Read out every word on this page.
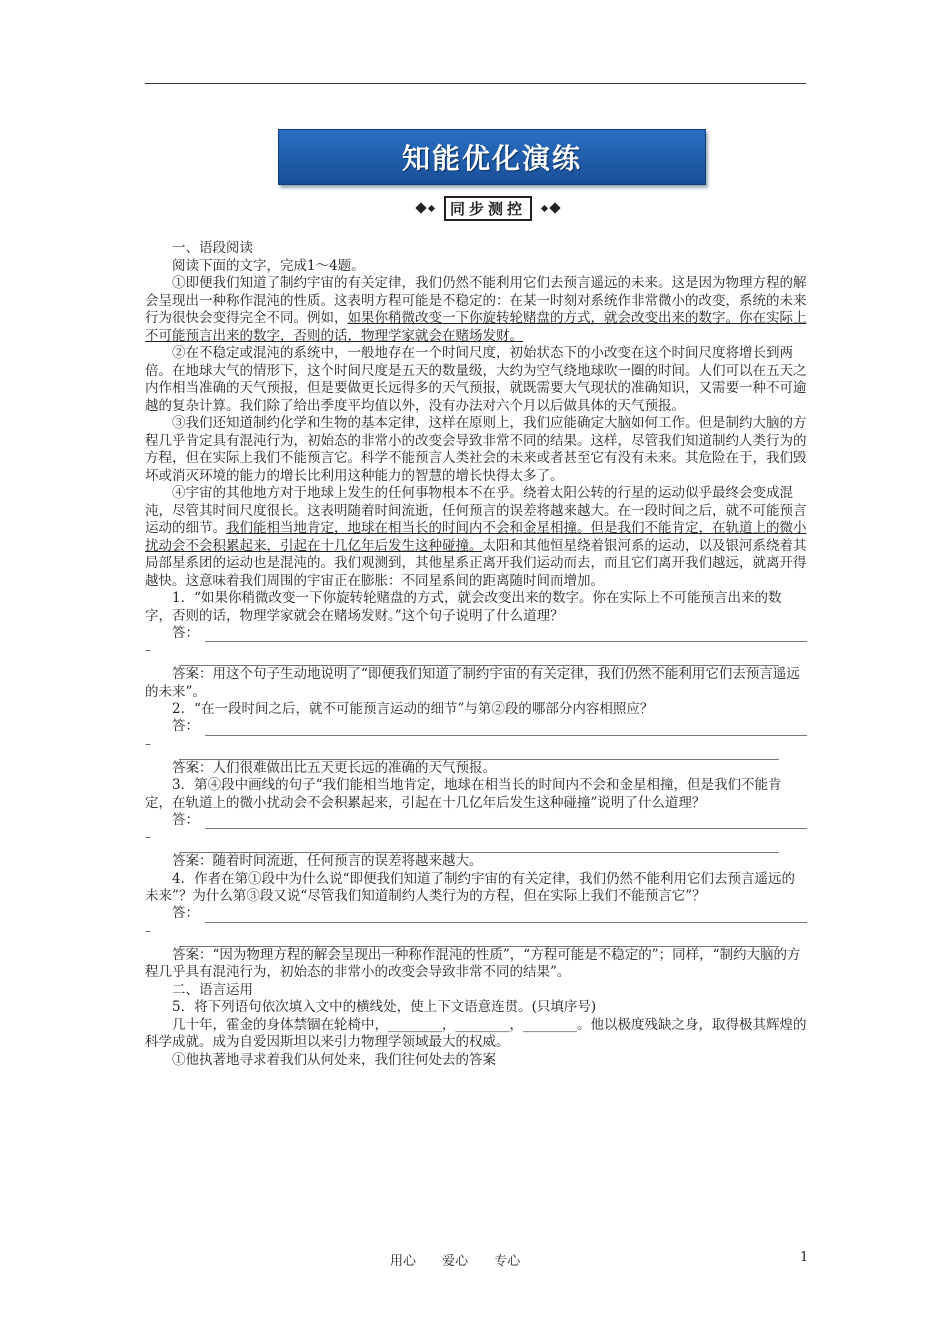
知能优化演练
同步测控

一、语段阅读

阅读下面的文字，完成1～4题。

①即便我们知道了制约宇宙的有关定律，我们仍然不能利用它们去预言遥远的未来。这是因为物理方程的解会呈现出一种称作混沌的性质。这表明方程可能是不稳定的：在某一时刻对系统作非常微小的改变，系统的未来行为很快会变得完全不同。例如，如果你稍微改变一下你旋转轮赌盘的方式，就会改变出来的数字。你在实际上不可能预言出来的数字，否则的话，物理学家就会在赌场发财。

②在不稳定或混沌的系统中，一般地存在一个时间尺度，初始状态下的小改变在这个时间尺度将增长到两倍。在地球大气的情形下，这个时间尺度是五天的数量级，大约为空气绕地球吹一圈的时间。人们可以在五天之内作相当准确的天气预报，但是要做更长远得多的天气预报，就既需要大气现状的准确知识，又需要一种不可逾越的复杂计算。我们除了给出季度平均值以外，没有办法对六个月以后做具体的天气预报。

③我们还知道制约化学和生物的基本定律，这样在原则上，我们应能确定大脑如何工作。但是制约大脑的方程几乎肯定具有混沌行为，初始态的非常小的改变会导致非常不同的结果。这样，尽管我们知道制约人类行为的方程，但在实际上我们不能预言它。科学不能预言人类社会的未来或者甚至它有没有未来。其危险在于，我们毁坏或消灭环境的能力的增长比利用这种能力的智慧的增长快得太多了。

④宇宙的其他地方对于地球上发生的任何事物根本不在乎。绕着太阳公转的行星的运动似乎最终会变成混沌，尽管其时间尺度很长。这表明随着时间流逝，任何预言的误差将越来越大。在一段时间之后，就不可能预言运动的细节。我们能相当地肯定，地球在相当长的时间内不会和金星相撞。但是我们不能肯定，在轨道上的微小扰动会不会积累起来，引起在十几亿年后发生这种碰撞。太阳和其他恒星绕着银河系的运动，以及银河系绕着其局部星系团的运动也是混沌的。我们观测到，其他星系正离开我们运动而去，而且它们离开我们越远，就离开得越快。这意味着我们周围的宇宙正在膨胀：不同星系间的距离随时间而增加。

1．“如果你稍微改变一下你旋转轮赌盘的方式，就会改变出来的数字。你在实际上不可能预言出来的数字，否则的话，物理学家就会在赌场发财。”这个句子说明了什么道理？

答：
–

答案：用这个句子生动地说明了“即便我们知道了制约宇宙的有关定律，我们仍然不能利用它们去预言遥远的未来”。

2．“在一段时间之后，就不可能预言运动的细节”与第②段的哪部分内容相照应？

答：
–

答案：人们很难做出比五天更长远的准确的天气预报。

3．第④段中画线的句子“我们能相当地肯定，地球在相当长的时间内不会和金星相撞，但是我们不能肯定，在轨道上的微小扰动会不会积累起来，引起在十几亿年后发生这种碰撞”说明了什么道理？

答：
–

答案：随着时间流逝，任何预言的误差将越来越大。

4．作者在第①段中为什么说“即便我们知道了制约宇宙的有关定律，我们仍然不能利用它们去预言遥远的未来”？为什么第③段又说“尽管我们知道制约人类行为的方程，但在实际上我们不能预言它”？

答：
–

答案：“因为物理方程的解会呈现出一种称作混沌的性质”，“方程可能是不稳定的”；同样，“制约大脑的方程几乎具有混沌行为，初始态的非常小的改变会导致非常不同的结果”。

二、语言运用

5．将下列语句依次填入文中的横线处，使上下文语意连贯。(只填序号)

几十年，霍金的身体禁锢在轮椅中，________，________，________。他以极度残缺之身，取得极其辉煌的科学成就。成为自爱因斯坦以来引力物理学领域最大的权威。

①他执著地寻求着我们从何处来，我们往何处去的答案

用心 爱心 专心	1
